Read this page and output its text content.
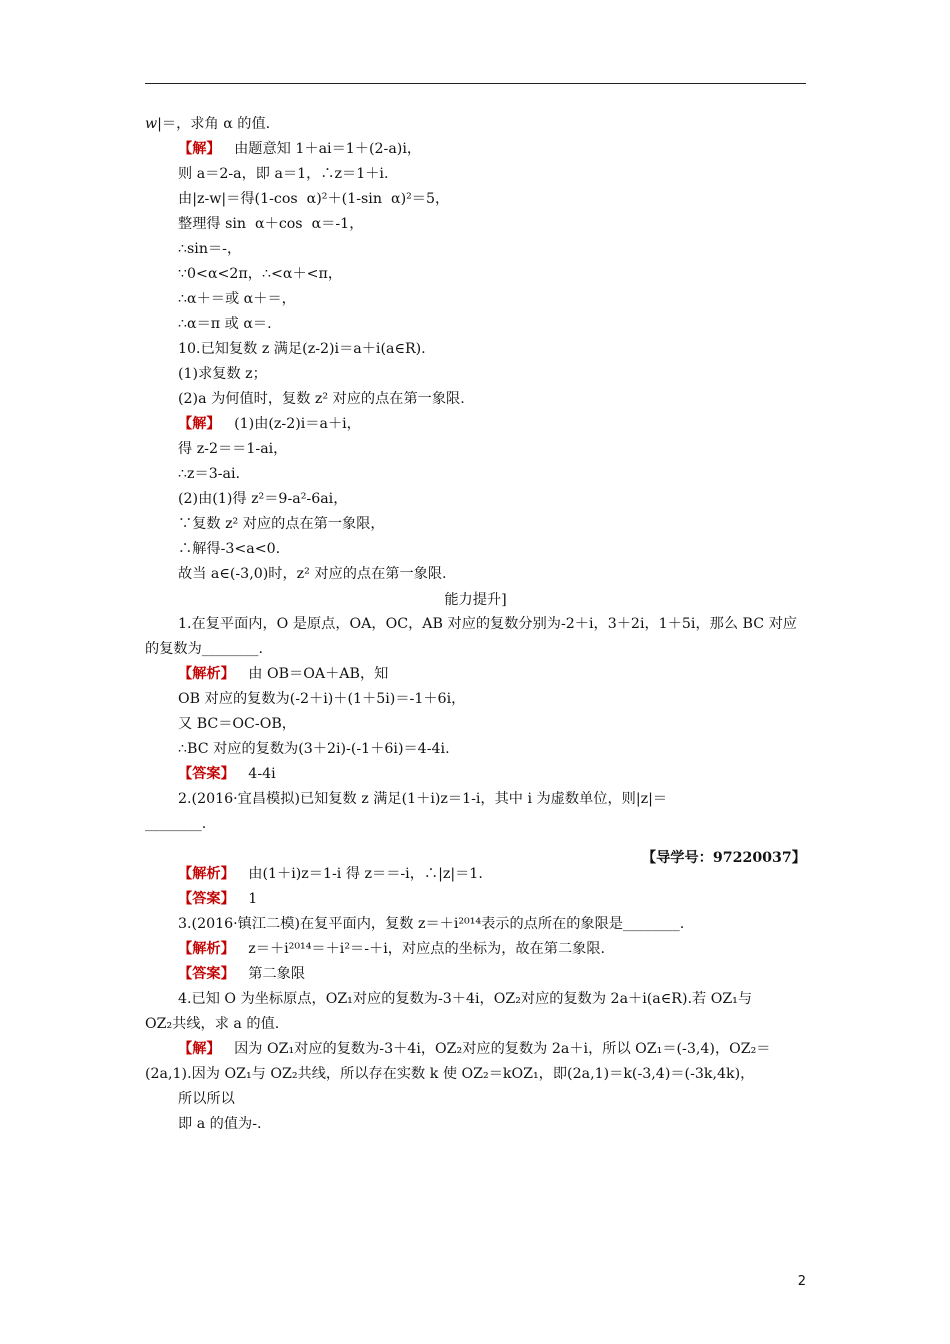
w|＝，求角 α 的值.
【解】   由题意知 1＋ai＝1＋(2-a)i，
则 a＝2-a，即 a＝1，∴z＝1＋i.
由|z-w|＝得(1-cos  α)²＋(1-sin  α)²＝5，
整理得 sin  α＋cos  α＝-1，
∴sin＝-，
∵0<α<2π，∴<α＋<π，
∴α＋＝或 α＋＝，
∴α＝π 或 α＝.
10.已知复数 z 满足(z-2)i＝a＋i(a∈R).
(1)求复数 z；
(2)a 为何值时，复数 z² 对应的点在第一象限.
【解】   (1)由(z-2)i＝a＋i，
得 z-2＝＝1-ai，
∴z＝3-ai.
(2)由(1)得 z²＝9-a²-6ai，
∵复数 z² 对应的点在第一象限，
∴解得-3<a<0.
故当 a∈(-3,0)时，z² 对应的点在第一象限.
1.在复平面内，O 是原点，OA，OC，AB 对应的复数分别为-2＋i，3＋2i，1＋5i，那么 BC 对应
的复数为________.
【解析】   由 OB＝OA＋AB，知
OB 对应的复数为(-2＋i)＋(1＋5i)＝-1＋6i，
又 BC＝OC-OB，
∴BC 对应的复数为(3＋2i)-(-1＋6i)＝4-4i.
【答案】   4-4i
2.(2016·宜昌模拟)已知复数 z 满足(1＋i)z＝1-i，其中 i 为虚数单位，则|z|＝
________.
【解析】   由(1＋i)z＝1-i 得 z＝＝-i，∴|z|＝1.
【答案】   1
3.(2016·镇江二模)在复平面内，复数 z＝＋i²⁰¹⁴表示的点所在的象限是________.
【解析】   z＝＋i²⁰¹⁴＝＋i²＝-＋i，对应点的坐标为，故在第二象限.
【答案】   第二象限
4.已知 O 为坐标原点，OZ₁对应的复数为-3＋4i，OZ₂对应的复数为 2a＋i(a∈R).若 OZ₁与
OZ₂共线，求 a 的值.
【解】   因为 OZ₁对应的复数为-3＋4i，OZ₂对应的复数为 2a＋i，所以 OZ₁＝(-3,4)，OZ₂＝
(2a,1).因为 OZ₁与 OZ₂共线，所以存在实数 k 使 OZ₂＝kOZ₁，即(2a,1)＝k(-3,4)＝(-3k,4k)，
所以所以
即 a 的值为-.
能力提升]
【导学号：97220037】
2
